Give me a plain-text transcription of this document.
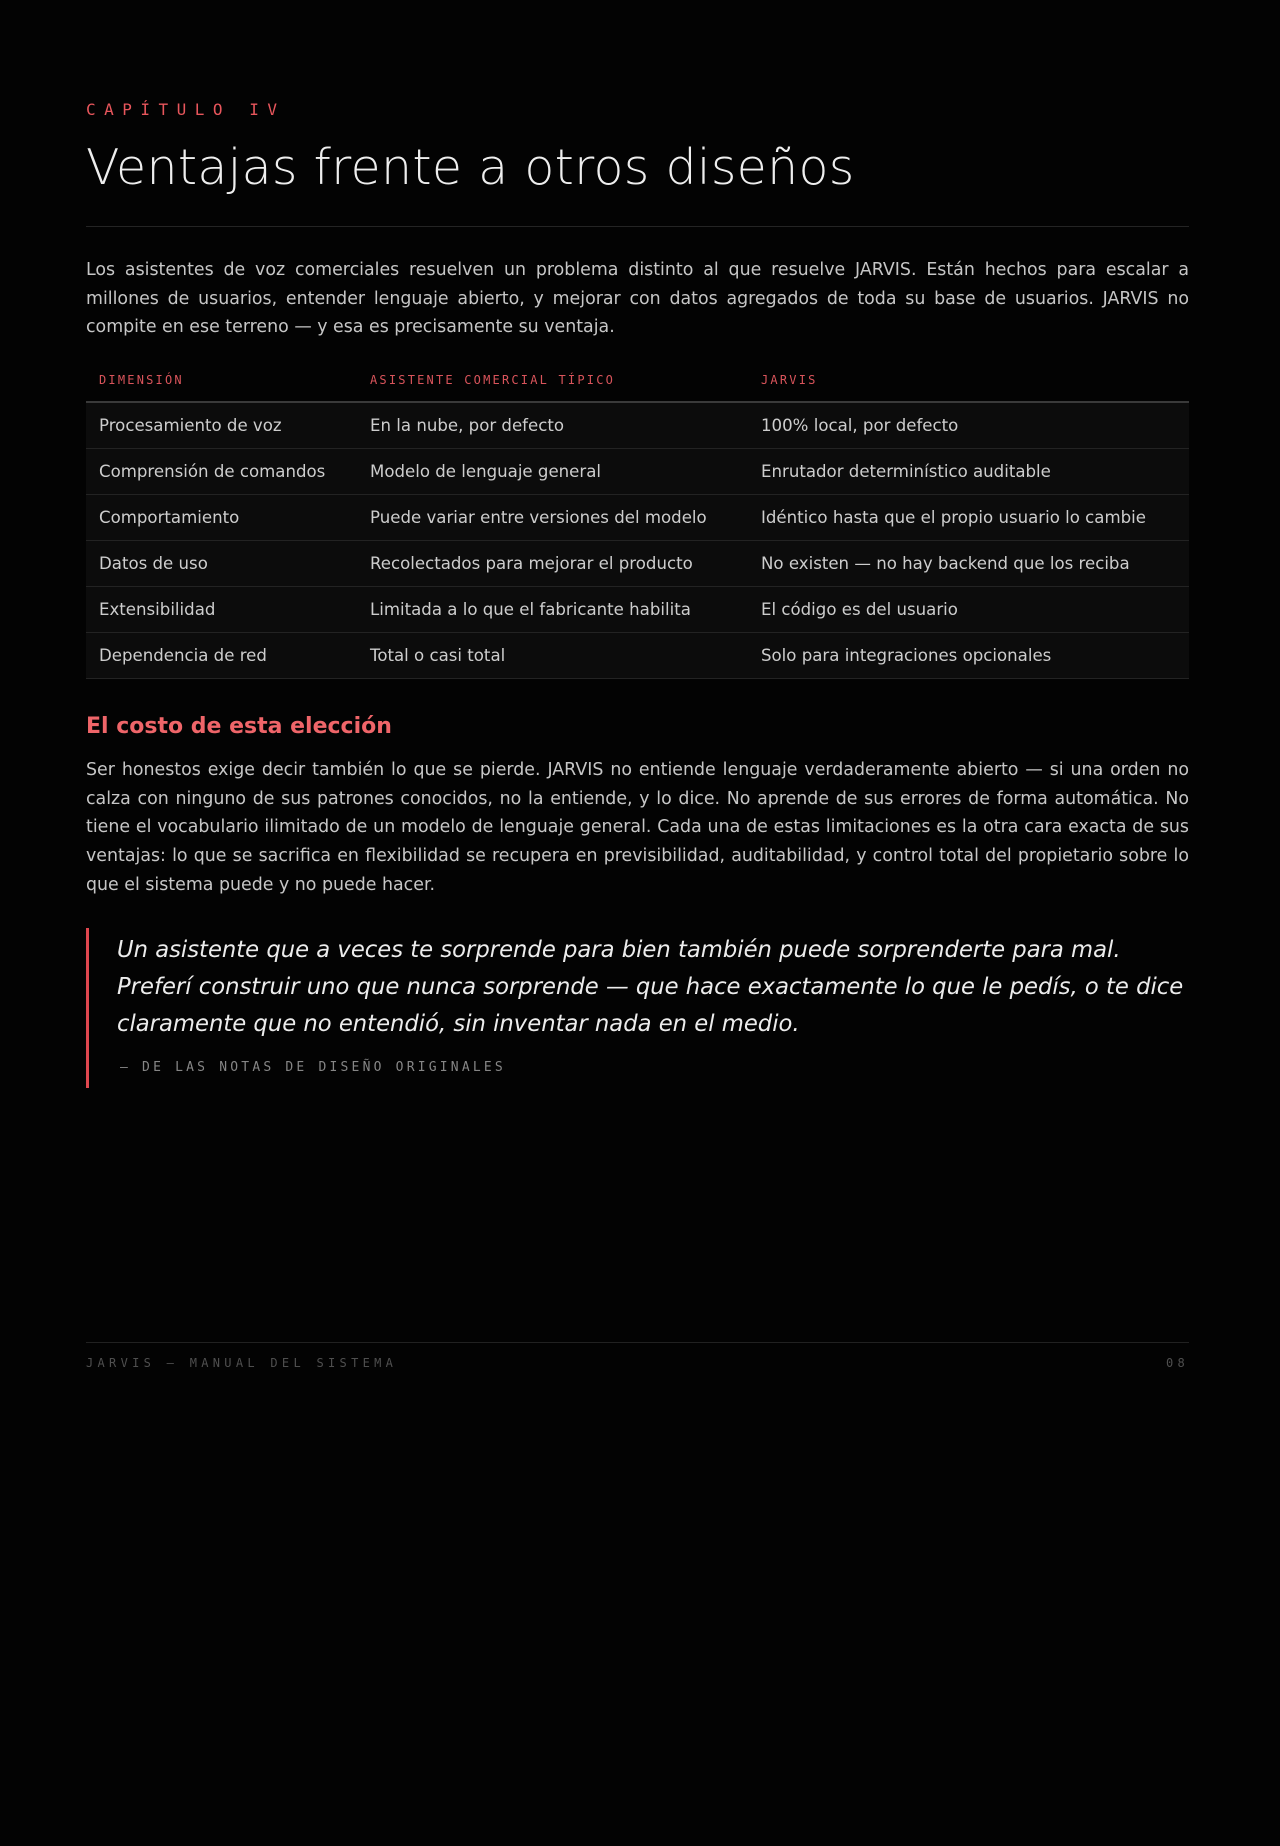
CAPÍTULO IV
Ventajas frente a otros diseños

Los asistentes de voz comerciales resuelven un problema distinto al que resuelve JARVIS. Están hechos para escalar a millones de usuarios, entender lenguaje abierto, y mejorar con datos agregados de toda su base de usuarios. JARVIS no compite en ese terreno — y esa es precisamente su ventaja.

DIMENSIÓN	ASISTENTE COMERCIAL TÍPICO	JARVIS
Procesamiento de voz	En la nube, por defecto	100% local, por defecto
Comprensión de comandos	Modelo de lenguaje general	Enrutador determinístico auditable
Comportamiento	Puede variar entre versiones del modelo	Idéntico hasta que el propio usuario lo cambie
Datos de uso	Recolectados para mejorar el producto	No existen — no hay backend que los reciba
Extensibilidad	Limitada a lo que el fabricante habilita	El código es del usuario
Dependencia de red	Total o casi total	Solo para integraciones opcionales
El costo de esta elección

Ser honestos exige decir también lo que se pierde. JARVIS no entiende lenguaje verdaderamente abierto — si una orden no calza con ninguno de sus patrones conocidos, no la entiende, y lo dice. No aprende de sus errores de forma automática. No tiene el vocabulario ilimitado de un modelo de lenguaje general. Cada una de estas limitaciones es la otra cara exacta de sus ventajas: lo que se sacrifica en flexibilidad se recupera en previsibilidad, auditabilidad, y control total del propietario sobre lo que el sistema puede y no puede hacer.

Un asistente que a veces te sorprende para bien también puede sorprenderte para mal. Preferí construir uno que nunca sorprende — que hace exactamente lo que le pedís, o te dice claramente que no entendió, sin inventar nada en el medio.

— DE LAS NOTAS DE DISEÑO ORIGINALES
JARVIS — MANUAL DEL SISTEMA	08
